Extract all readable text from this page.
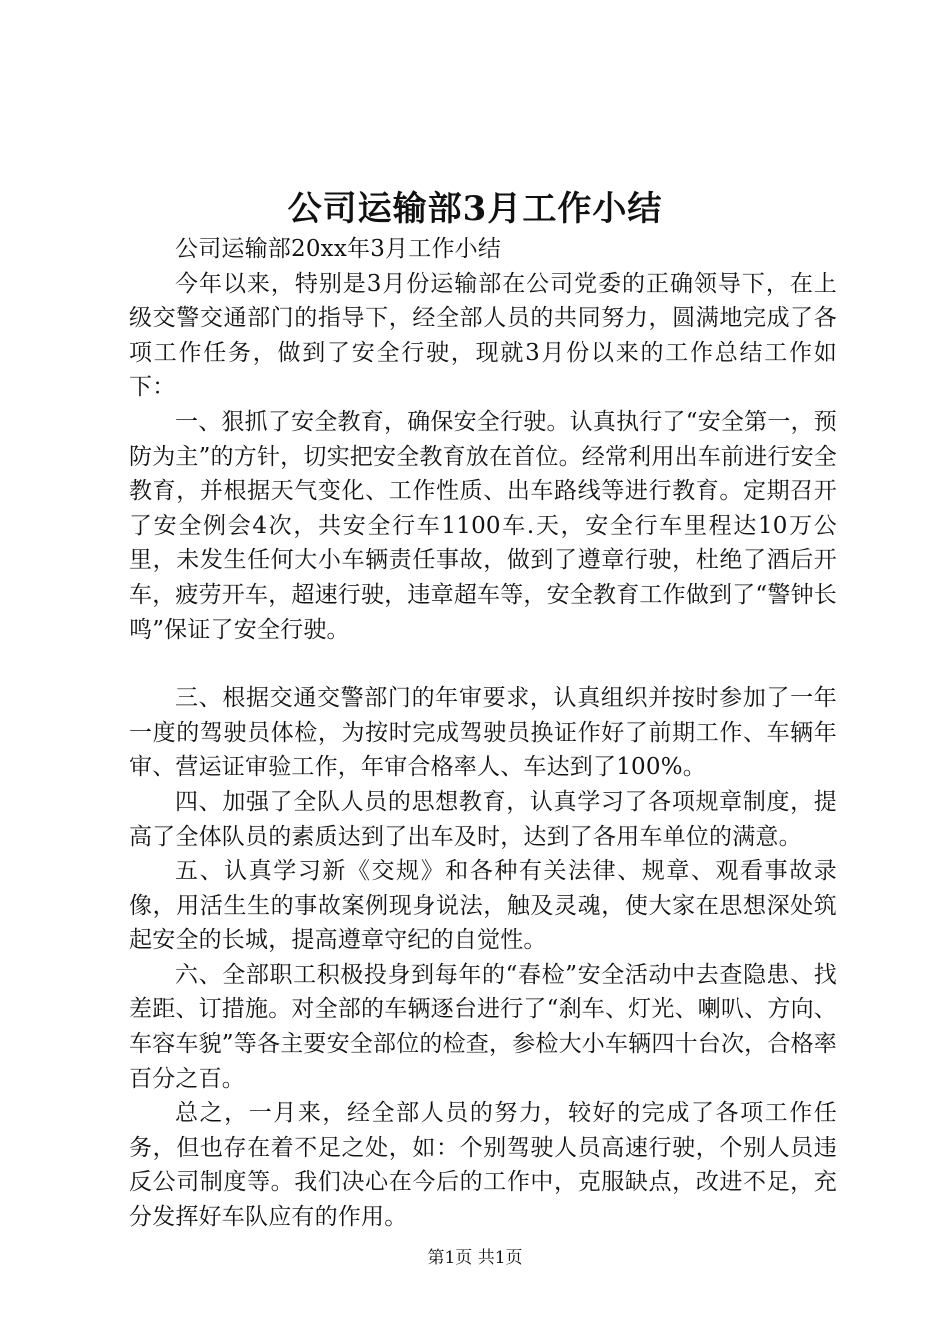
公司运输部3月工作小结

公司运输部20xx年3月工作小结

今年以来，特别是3月份运输部在公司党委的正确领导下，在上级交警交通部门的指导下，经全部人员的共同努力，圆满地完成了各项工作任务，做到了安全行驶，现就3月份以来的工作总结工作如下：

一、狠抓了安全教育，确保安全行驶。认真执行了“安全第一，预防为主”的方针，切实把安全教育放在首位。经常利用出车前进行安全教育，并根据天气变化、工作性质、出车路线等进行教育。定期召开了安全例会4次，共安全行车1100车.天，安全行车里程达10万公里，未发生任何大小车辆责任事故，做到了遵章行驶，杜绝了酒后开车，疲劳开车，超速行驶，违章超车等，安全教育工作做到了“警钟长鸣”保证了安全行驶。

三、根据交通交警部门的年审要求，认真组织并按时参加了一年一度的驾驶员体检，为按时完成驾驶员换证作好了前期工作、车辆年审、营运证审验工作，年审合格率人、车达到了100%。

四、加强了全队人员的思想教育，认真学习了各项规章制度，提高了全体队员的素质达到了出车及时，达到了各用车单位的满意。

五、认真学习新《交规》和各种有关法律、规章、观看事故录像，用活生生的事故案例现身说法，触及灵魂，使大家在思想深处筑起安全的长城，提高遵章守纪的自觉性。

六、全部职工积极投身到每年的“春检”安全活动中去查隐患、找差距、订措施。对全部的车辆逐台进行了“刹车、灯光、喇叭、方向、车容车貌”等各主要安全部位的检查，参检大小车辆四十台次，合格率百分之百。

总之，一月来，经全部人员的努力，较好的完成了各项工作任务，但也存在着不足之处，如：个别驾驶人员高速行驶，个别人员违反公司制度等。我们决心在今后的工作中，克服缺点，改进不足，充分发挥好车队应有的作用。

第1页 共1页
